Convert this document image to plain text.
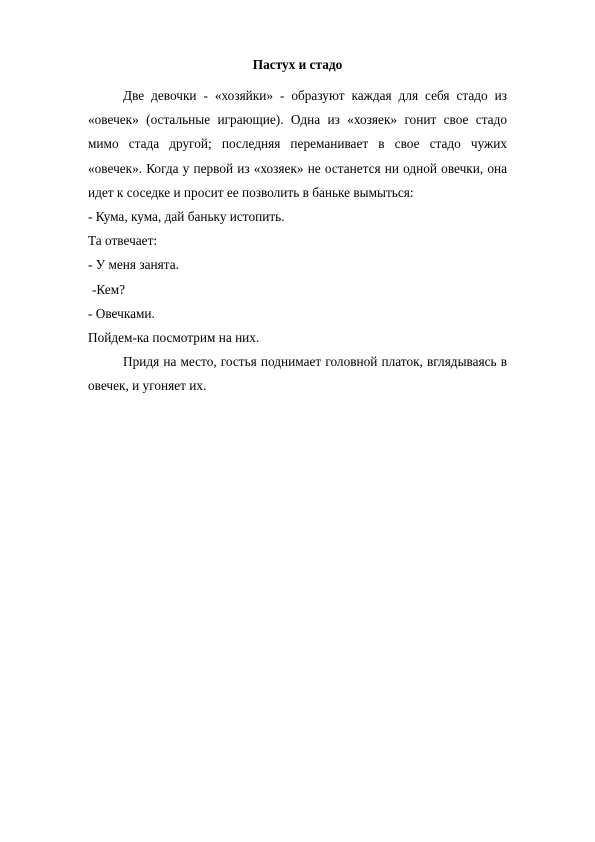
Пастух и стадо

Две девочки - «хозяйки» - образуют каждая для себя стадо из «овечек» (остальные играющие). Одна из «хозяек» гонит свое стадо мимо стада другой; последняя переманивает в свое стадо чужих «овечек». Когда у первой из «хозяек» не останется ни одной овечки, она идет к соседке и просит ее позволить в баньке вымыться:

- Кума, кума, дай баньку истопить.

Та отвечает:

- У меня занята.

-Кем?

- Овечками.

Пойдем-ка посмотрим на них.

Придя на место, гостья поднимает головной платок, вглядываясь в овечек, и угоняет их.
